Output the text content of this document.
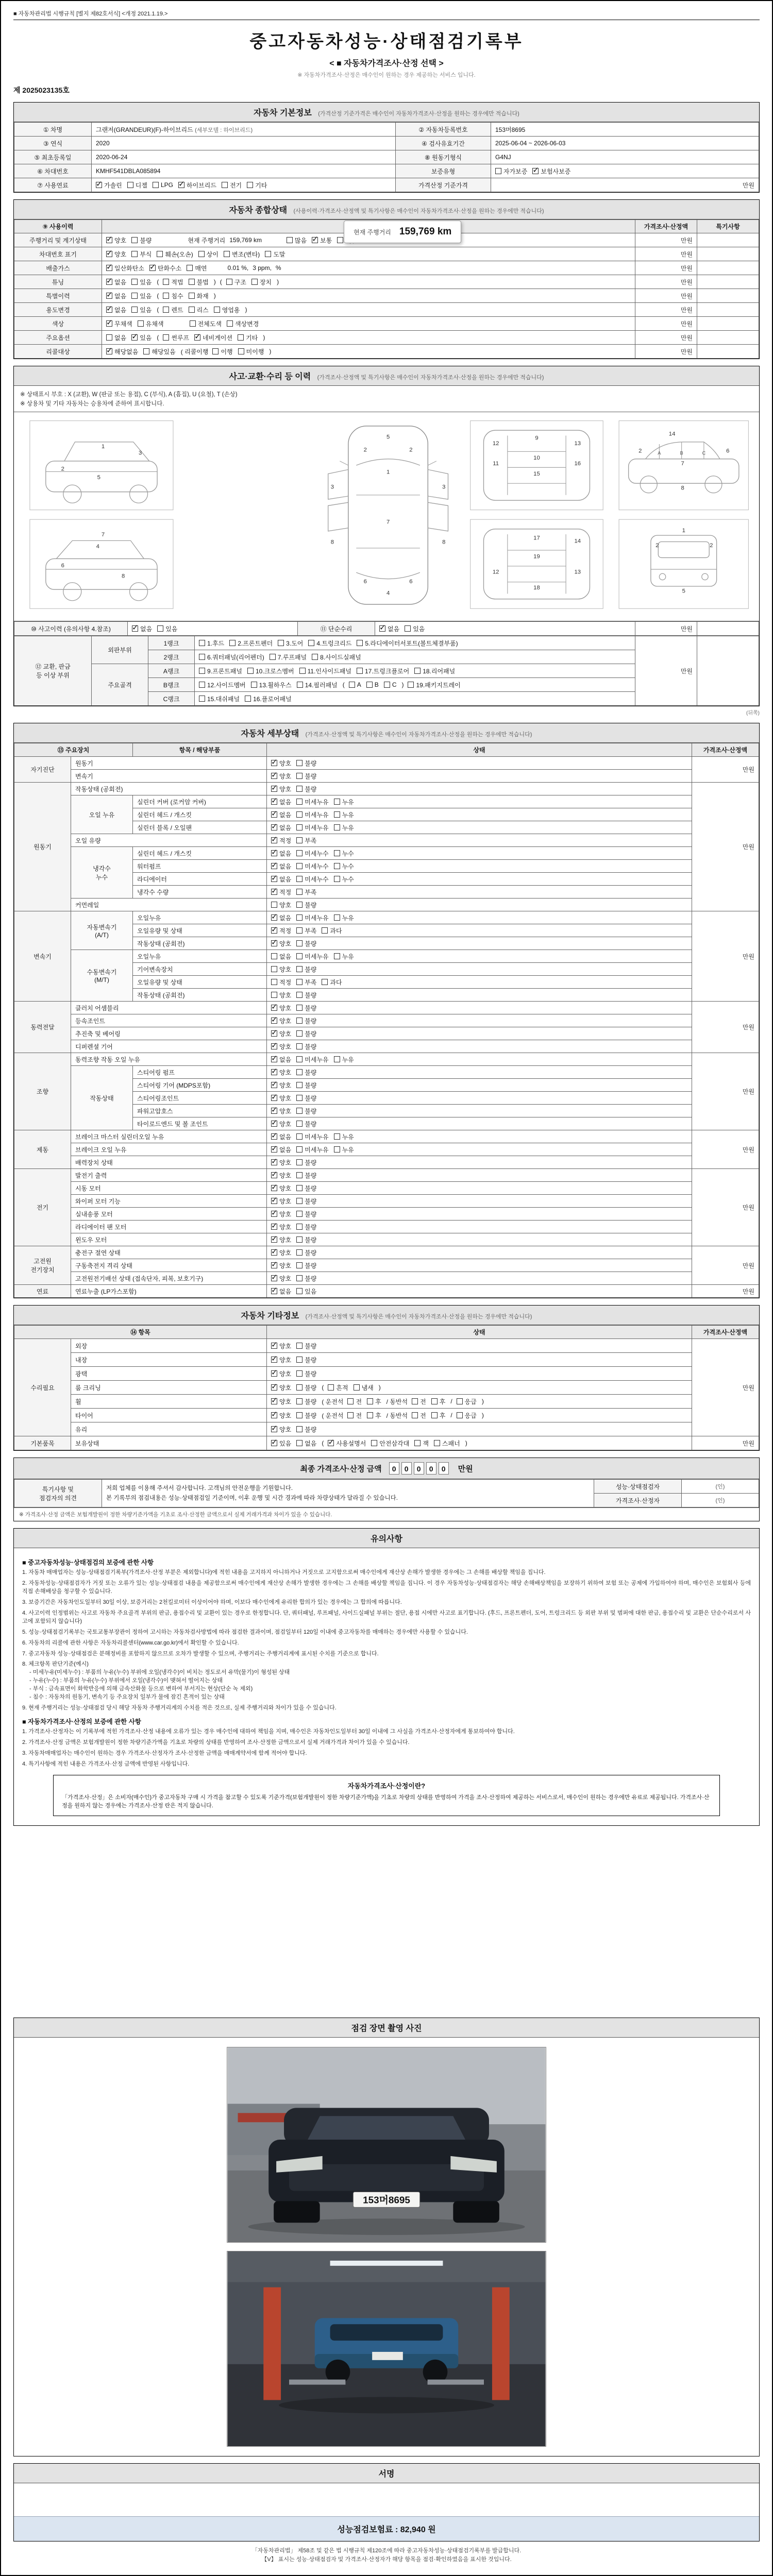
■ 자동차관리법 시행규칙 [별지 제82호서식] <개정 2021.1.19.>
중고자동차성능·상태점검기록부
< ■ 자동차가격조사·산정 선택 >
※ 자동차가격조사·산정은 매수인이 원하는 경우 제공하는 서비스 입니다.
제 2025023135호
자동차 기본정보 (가격산정 기준가격은 매수인이 자동차가격조사·산정을 원하는 경우에만 적습니다)
① 차명	그랜저(GRANDEUR)(F)-하이브리드 (세부모델 : 하이브리드)	② 자동차등록번호	153머8695
③ 연식	2020	④ 검사유효기간	2025-06-04 ~ 2026-06-03
⑤ 최초등록일	2020-06-24	⑧ 원동기형식	G4NJ
⑥ 차대번호	KMHF541DBLA085894	보증유형	자가보증 ✓ 보험사보증

⑦ 사용연료	
✓가솔린 디젤 LPG ✓ 하이브리드 전기 기타	가격산정 기준가격	만원
자동차 종합상태 (사용이력·가격조사·산정액 및 특기사항은 매수인이 자동차가격조사·산정을 원하는 경우에만 적습니다)
⑨ 사용이력		가격조사·산정액	특기사항
주행거리 및 계기상태	
✓양호 불량	현재 주행거리 159,769 km	많음 ✓ 보통	만원	
차대번호 표기	
✓양호 부식 훼손(오손) 상이 변조(변타) 도말	만원	
배출가스	
✓일산화탄소 ✓ 탄화수소 매연	0.01 %, 3 ppm, %	만원	
튜닝	
✓없음 있음 ( 적법 불법 ) ( 구조 장치 )	만원	
특별이력	
✓없음 있음 ( 침수 화재 )	만원	
용도변경	
✓없음 있음 ( 렌트 리스 영업용 )	만원	
색상	
✓무채색 유채색 전체도색 색상변경	만원	
주요옵션	없음 ✓ 있음 ( 썬루프 ✓ 네비게이션 기타 )	만원	
리콜대상	
✓해당없음 해당있음 ( 리콜이행 이행 미이행 )	만원	
현재 주행거리 159,769 km
사고·교환·수리 등 이력 (가격조사·산정액 및 특기사항은 매수인이 자동차가격조사·산정을 원하는 경우에만 적습니다)
※ 상태표시 부호 : X (교환), W (판금 또는 용접), C (부식), A (흠집), U (요철), T (손상)
※ 상용차 및 기타 자동차는 승용차에 준하여 표시합니다.
5
1
7
4
2	2
3	3
6	6
8	8
1
2
5
3
4
6
7
8
9
10
11
15
16
12	13
17
18
19
12	13
14
14
7
8
2	6
1
5
2	2
A	B	C
⑩ 사고이력 (유의사항 4.참조)	
✓없음 있음	⑪ 단순수리	
✓없음 있음	만원	
⑫ 교환, 판금
등 이상 부위	외판부위	1랭크	1.후드 2.프론트펜더 3.도어 4.트렁크리드 5.라디에이터서포트(볼트체결부품)	만원	
		2랭크	6.쿼터패널(리어펜더) 7.루프패널 8.사이드실패널		

	주요골격	A랭크	9.프론트패널 10.크로스멤버 11.인사이드패널 17.트렁크플로어 18.리어패널		

B랭크	12.사이드멤버 13.휠하우스 14.필러패널 ( A B C ) 19.패키지트레이

		C랭크	15.대쉬패널 16.플로어패널		
(뒤쪽)
자동차 세부상태 (가격조사·산정액 및 특기사항은 매수인이 자동차가격조사·산정을 원하는 경우에만 적습니다)
⑬ 주요장치		항목 / 해당부품	상태	가격조사·산정액
자기진단	원동기	
✓양호 불량	만원
	변속기	
✓양호 불량

원동기	작동상태 (공회전)	
✓양호 불량	만원
	오일 누유	실린더 커버 (로커암 커버)	
✓없음 미세누유 누유

		실린더 헤드 / 개스킷	
✓없음 미세누유 누유

		실린더 블록 / 오일팬	
✓없음 미세누유 누유

	오일 유량	
✓적정 부족

	냉각수
누수	실린더 헤드 / 개스킷	
✓없음 미세누수 누수

		워터펌프	
✓없음 미세누수 누수

		라디에이터	
✓없음 미세누수 누수

		냉각수 수량	
✓적정 부족

	커먼레일		양호 불량	

변속기	자동변속기
(A/T)	오일누유	
✓없음 미세누유 누유	만원
		오일유량 및 상태	
✓적정 부족 과다

		작동상태 (공회전)	
✓양호 불량

	수동변속기
(M/T)	오일누유	없음 미세누유 누유	

		기어변속장치	양호 불량	

		오일유량 및 상태	적정 부족 과다	

		작동상태 (공회전)	양호 불량	

동력전달	클러치 어셈블리	
✓양호 불량	만원
	등속조인트	
✓양호 불량

	추진축 및 베어링	
✓양호 불량

	디퍼렌셜 기어	
✓양호 불량

조향	동력조향 작동 오일 누유	
✓없음 미세누유 누유	만원
	작동상태	스티어링 펌프	
✓양호 불량

		스티어링 기어 (MDPS포함)	
✓양호 불량

		스티어링조인트	
✓양호 불량

		파워고압호스	
✓양호 불량

		타이로드엔드 및 볼 조인트	
✓양호 불량

제동	브레이크 마스터 실린더오일 누유	
✓없음 미세누유 누유	만원
	브레이크 오일 누유	
✓없음 미세누유 누유

	배력장치 상태	
✓양호 불량

전기	발전기 출력	
✓양호 불량	만원
	시동 모터	
✓양호 불량

	와이퍼 모터 기능	
✓양호 불량

	실내송풍 모터	
✓양호 불량

	라디에이터 팬 모터	
✓양호 불량

	윈도우 모터	
✓양호 불량

고전원
전기장치	충전구 절연 상태	
✓양호 불량	만원
	구동축전지 격리 상태	
✓양호 불량

	고전원전기배선 상태 (접속단자, 피복, 보호기구)	
✓양호 불량

연료	연료누출 (LP가스포함)	
✓없음 있음	만원
자동차 기타정보 (가격조사·산정액 및 특기사항은 매수인이 자동차가격조사·산정을 원하는 경우에만 적습니다)
⑭ 항목		상태	가격조사·산정액
수리필요	외장	
✓양호 불량	만원
	내장	
✓양호 불량

	광택	
✓양호 불량

룸 크리닝	
✓양호 불량 ( 흔적 냄새 )

휠	
✓양호 불량 ( 운전석 전 후 / 동반석 전 후 / 응급 )

타이어	
✓양호 불량 ( 운전석 전 후 / 동반석 전 후 / 응급 )

	유리	
✓양호 불량

기본품목	보유상태	
✓있음 없음 ( ✓ 사용설명서 안전삼각대 잭 스패너 )	만원
최종 가격조사·산정 금액	0 0 0 0 0	만원
특기사항 및
점검자의 의견	
저희 업체를 이용해 주셔서 감사합니다. 고객님의 안전운행을 기원합니다.
본 기록부의 점검내용은 성능·상태점검일 기준이며, 이후 운행 및 시간 경과에 따라 차량상태가 달라질 수 있습니다.
	성능·상태점검자	(인)
		가격조사·산정자	(인)
※ 가격조사·산정 금액은 보험개발원이 정한 차량기준가액을 기초로 조사·산정한 금액으로서 실제 거래가격과 차이가 있을 수 있습니다.
유의사항
■ 중고자동차성능·상태점검의 보증에 관한 사항
1. 자동차 매매업자는 성능·상태점검기록부(가격조사·산정 부분은 제외합니다)에 적힌 내용을 고지하지 아니하거나 거짓으로 고지함으로써 매수인에게 재산상 손해가 발생한 경우에는 그 손해를 배상할 책임을 집니다.
2. 자동차성능·상태점검자가 거짓 또는 오류가 있는 성능·상태점검 내용을 제공함으로써 매수인에게 재산상 손해가 발생한 경우에는 그 손해를 배상할 책임을 집니다. 이 경우 자동차성능·상태점검자는 해당 손해배상책임을 보장하기 위하여 보험 또는 공제에 가입하여야 하며, 매수인은 보험회사 등에 직접 손해배상을 청구할 수 있습니다.
3. 보증기간은 자동차인도일부터 30일 이상, 보증거리는 2천킬로미터 이상이어야 하며, 이보다 매수인에게 유리한 합의가 있는 경우에는 그 합의에 따릅니다.
4. 사고이력 인정범위는 사고로 자동차 주요골격 부위의 판금, 용접수리 및 교환이 있는 경우로 한정합니다. 단, 쿼터패널, 루프패널, 사이드실패널 부위는 절단, 용접 시에만 사고로 표기합니다. (후드, 프론트펜더, 도어, 트렁크리드 등 외판 부위 및 범퍼에 대한 판금, 용접수리 및 교환은 단순수리로서 사고에 포함되지 않습니다)
5. 성능·상태점검기록부는 국토교통부장관이 정하여 고시하는 자동차검사방법에 따라 점검한 결과이며, 점검일부터 120일 이내에 중고자동차를 매매하는 경우에만 사용할 수 있습니다.
6. 자동차의 리콜에 관한 사항은 자동차리콜센터(www.car.go.kr)에서 확인할 수 있습니다.
7. 중고자동차 성능·상태점검은 분해정비를 포함하지 않으므로 오차가 발생할 수 있으며, 주행거리는 주행거리계에 표시된 수치를 기준으로 합니다.
8. 체크항목 판단기준(예시)
- 미세누유(미세누수) : 부품의 누유(누수) 부위에 오일(냉각수)이 비치는 정도로서 유막(물기)이 형성된 상태
- 누유(누수) : 부품의 누유(누수) 부위에서 오일(냉각수)이 맺혀서 떨어지는 상태
- 부식 : 금속표면이 화학반응에 의해 금속산화물 등으로 변하여 부서지는 현상(단순 녹 제외)
- 침수 : 자동차의 원동기, 변속기 등 주요장치 일부가 물에 잠긴 흔적이 있는 상태
9. 현재 주행거리는 성능·상태점검 당시 해당 자동차 주행거리계의 수치를 적은 것으로, 실제 주행거리와 차이가 있을 수 있습니다.
■ 자동차가격조사·산정의 보증에 관한 사항
1. 가격조사·산정자는 이 기록부에 적힌 가격조사·산정 내용에 오류가 있는 경우 매수인에 대하여 책임을 지며, 매수인은 자동차인도일부터 30일 이내에 그 사실을 가격조사·산정자에게 통보하여야 합니다.
2. 가격조사·산정 금액은 보험개발원이 정한 차량기준가액을 기초로 차량의 상태를 반영하여 조사·산정한 금액으로서 실제 거래가격과 차이가 있을 수 있습니다.
3. 자동차매매업자는 매수인이 원하는 경우 가격조사·산정자가 조사·산정한 금액을 매매계약서에 함께 적어야 합니다.
4. 특기사항에 적힌 내용은 가격조사·산정 금액에 반영된 사항입니다.
자동차가격조사·산정이란?
「가격조사·산정」은 소비자(매수인)가 중고자동차 구매 시 가격을 참고할 수 있도록 기준가격(보험개발원이 정한 차량기준가액)을 기초로 차량의 상태를 반영하여 가격을 조사·산정하여 제공하는 서비스로서, 매수인이 원하는 경우에만 유료로 제공됩니다. 가격조사·산정을 원하지 않는 경우에는 가격조사·산정 란은 적지 않습니다.
점검 장면 촬영 사진
153머8695
서명
성능점검보험료 : 82,940 원
「자동차관리법」 제58조 및 같은 법 시행규칙 제120조에 따라 중고자동차성능·상태점검기록부를 발급합니다.
【V】 표시는 성능·상태점검자 및 가격조사·산정자가 해당 항목을 점검·확인하였음을 표시한 것입니다.
